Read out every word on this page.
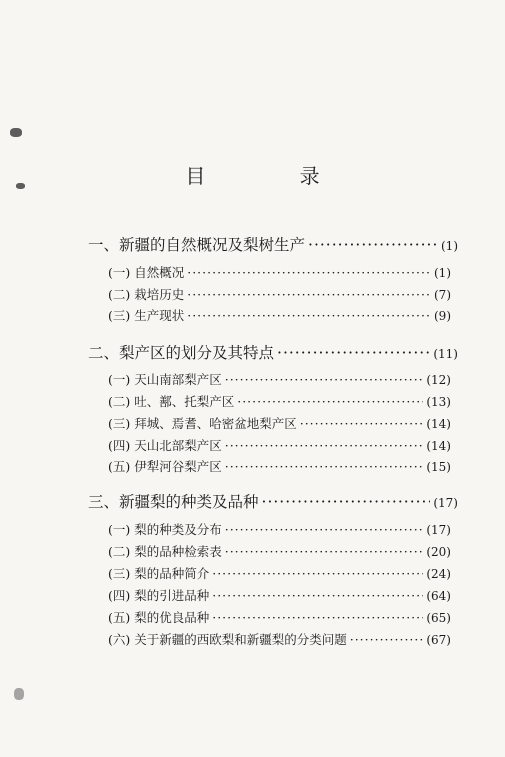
目 录
一、新疆的自然概况及梨树生产 ·····	(1)
(一) 自然概况 ·····	(1)
(二) 栽培历史 ·····	(7)
(三) 生产现状 ·····	(9)
二、梨产区的划分及其特点 ·····	(11)
(一) 天山南部梨产区 ·····	(12)
(二) 吐、鄯、托梨产区 ·····	(13)
(三) 拜城、焉耆、哈密盆地梨产区 ·····	(14)
(四) 天山北部梨产区 ·····	(14)
(五) 伊犁河谷梨产区 ·····	(15)
三、新疆梨的种类及品种 ·····	(17)
(一) 梨的种类及分布 ·····	(17)
(二) 梨的品种检索表 ·····	(20)
(三) 梨的品种简介 ·····	(24)
(四) 梨的引进品种 ·····	(64)
(五) 梨的优良品种 ·····	(65)
(六) 关于新疆的西欧梨和新疆梨的分类问题 ·····	(67)
